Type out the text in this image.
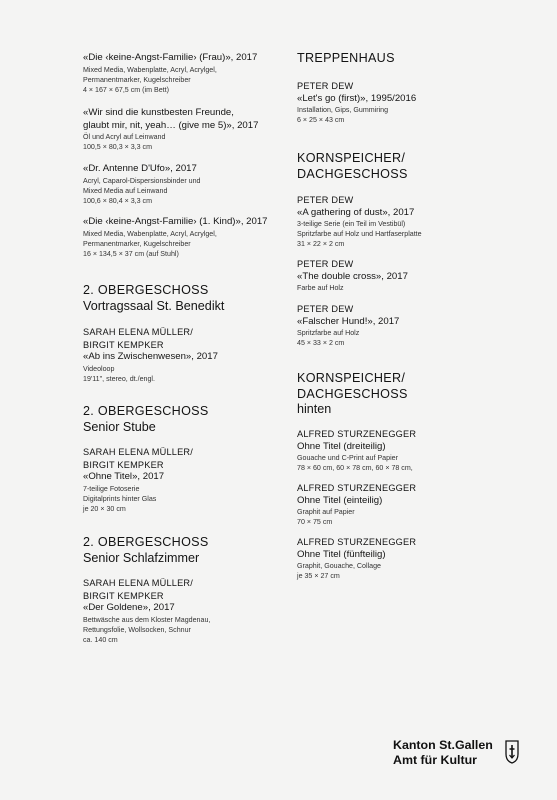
«Die ‹keine-Angst-Familie› (Frau)», 2017
Mixed Media, Wabenplatte, Acryl, Acrylgel,
Permanentmarker, Kugelschreiber
4 × 167 × 67,5 cm (im Bett)
«Wir sind die kunstbesten Freunde,
glaubt mir, nit, yeah… (give me 5)», 2017
Öl und Acryl auf Leinwand
100,5 × 80,3 × 3,3 cm
«Dr. Antenne D'Ufo», 2017
Acryl, Caparol-Dispersionsbinder und
Mixed Media auf Leinwand
100,6 × 80,4 × 3,3 cm
«Die ‹keine-Angst-Familie› (1. Kind)», 2017
Mixed Media, Wabenplatte, Acryl, Acrylgel,
Permanentmarker, Kugelschreiber
16 × 134,5 × 37 cm (auf Stuhl)
2. OBERGESCHOSS
Vortragssaal St. Benedikt
SARAH ELENA MÜLLER/
BIRGIT KEMPKER
«Ab ins Zwischenwesen», 2017
Videoloop
19'11", stereo, dt./engl.
2. OBERGESCHOSS
Senior Stube
SARAH ELENA MÜLLER/
BIRGIT KEMPKER
«Ohne Titel», 2017
7-teilige Fotoserie
Digitalprints hinter Glas
je 20 × 30 cm
2. OBERGESCHOSS
Senior Schlafzimmer
SARAH ELENA MÜLLER/
BIRGIT KEMPKER
«Der Goldene», 2017
Bettwäsche aus dem Kloster Magdenau,
Rettungsfolie, Wollsocken, Schnur
ca. 140 cm
TREPPENHAUS
PETER DEW
«Let's go (first)», 1995/2016
Installation, Gips, Gummiring
6 × 25 × 43 cm
KORNSPEICHER/
DACHGESCHOSS
PETER DEW
«A gathering of dust», 2017
3-teilige Serie (ein Teil im Vestibül)
Spritzfarbe auf Holz und Hartfaserplatte
31 × 22 × 2 cm
PETER DEW
«The double cross», 2017
Farbe auf Holz
PETER DEW
«Falscher Hund!», 2017
Spritzfarbe auf Holz
45 × 33 × 2 cm
KORNSPEICHER/
DACHGESCHOSS
hinten
ALFRED STURZENEGGER
Ohne Titel (dreiteilig)
Gouache und C-Print auf Papier
78 × 60 cm, 60 × 78 cm, 60 × 78 cm,
ALFRED STURZENEGGER
Ohne Titel (einteilig)
Graphit auf Papier
70 × 75 cm
ALFRED STURZENEGGER
Ohne Titel (fünfteilig)
Graphit, Gouache, Collage
je 35 × 27 cm
Kanton St.Gallen
Amt für Kultur
